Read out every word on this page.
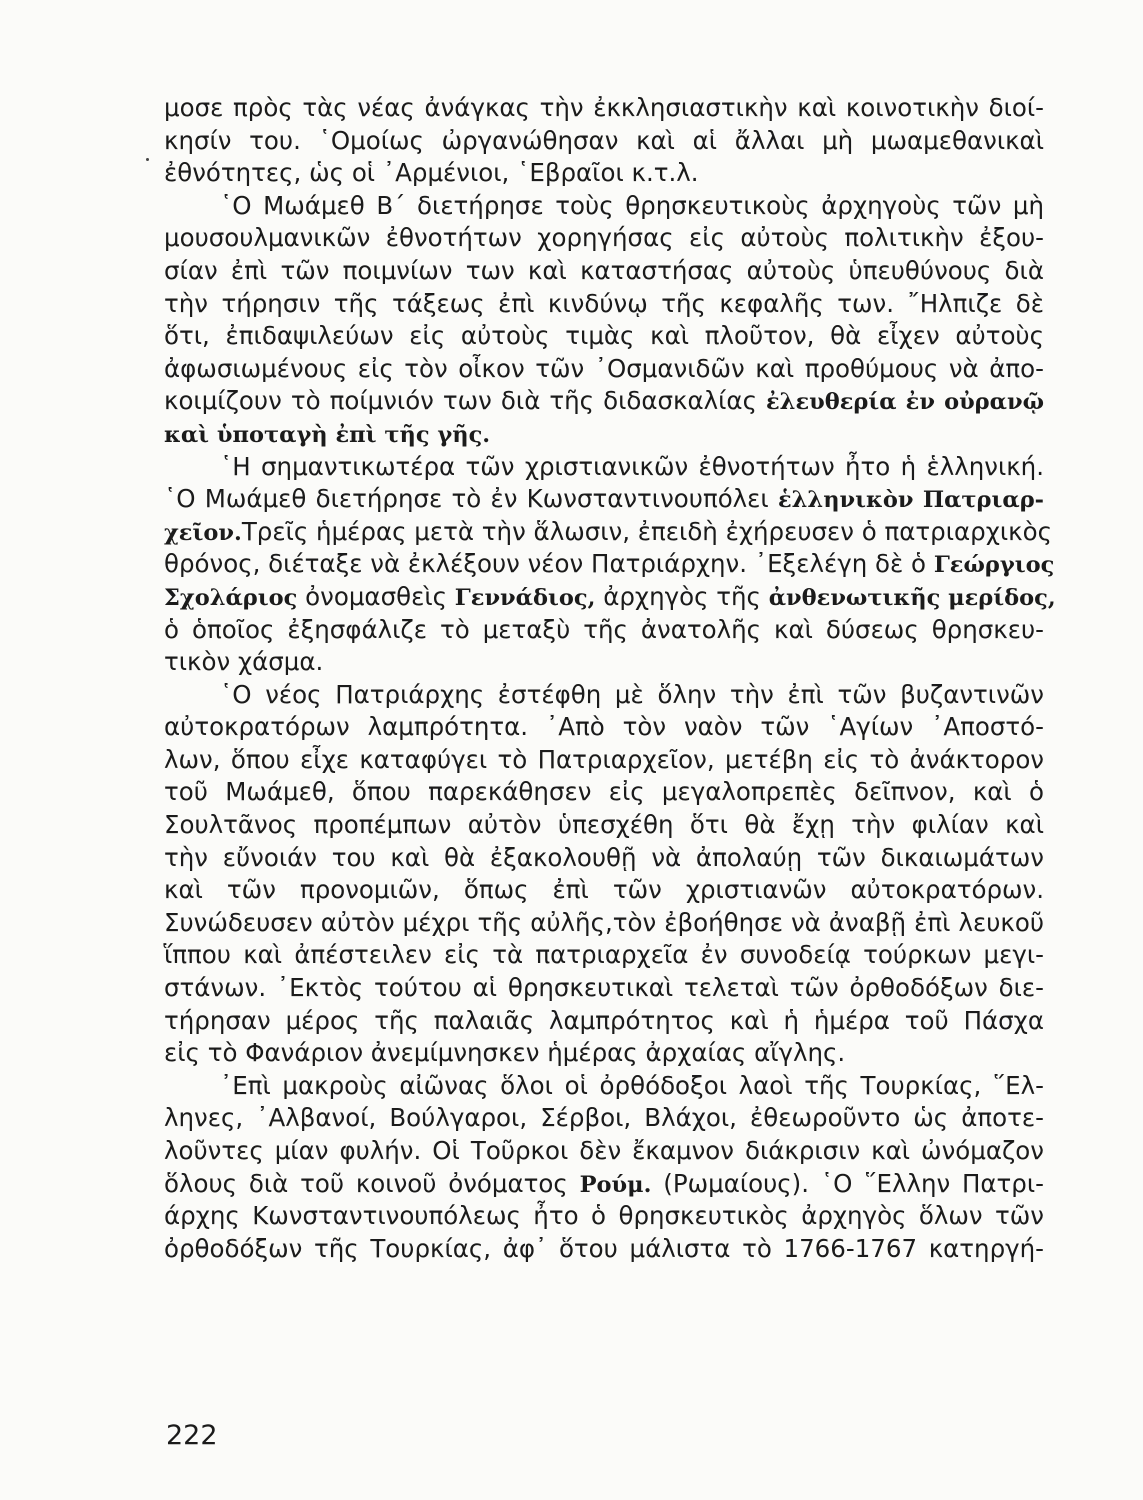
μοσε πρὸς τὰς νέας ἀνάγκας τὴν ἐκκλησιαστικὴν καὶ κοινοτικὴν διοί-
κησίν του. ῾Ομοίως ὠργανώθησαν καὶ αἱ ἄλλαι μὴ μωαμεθανικαὶ
ἐθνότητες, ὡς οἱ ᾽Αρμένιοι, ῾Εβραῖοι κ.τ.λ.
῾Ο Μωάμεθ Β΄ διετήρησε τοὺς θρησκευτικοὺς ἀρχηγοὺς τῶν μὴ
μουσουλμανικῶν ἐθνοτήτων χορηγήσας εἰς αὐτοὺς πολιτικὴν ἐξου-
σίαν ἐπὶ τῶν ποιμνίων των καὶ καταστήσας αὐτοὺς ὑπευθύνους διὰ
τὴν τήρησιν τῆς τάξεως ἐπὶ κινδύνῳ τῆς κεφαλῆς των. ῎Ηλπιζε δὲ
ὅτι, ἐπιδαψιλεύων εἰς αὐτοὺς τιμὰς καὶ πλοῦτον, θὰ εἶχεν αὐτοὺς
ἀφωσιωμένους εἰς τὸν οἶκον τῶν ᾽Οσμανιδῶν καὶ προθύμους νὰ ἀπο-
κοιμίζουν τὸ ποίμνιόν των διὰ τῆς διδασκαλίας ἐλευθερία ἐν οὐρανῷ
καὶ ὑποταγὴ ἐπὶ τῆς γῆς.
῾Η σημαντικωτέρα τῶν χριστιανικῶν ἐθνοτήτων ἦτο ἡ ἑλληνική.
῾Ο Μωάμεθ διετήρησε τὸ ἐν Κωνσταντινουπόλει ἑλληνικὸν Πατριαρ-
χεῖον.Τρεῖς ἡμέρας μετὰ τὴν ἅλωσιν, ἐπειδὴ ἐχήρευσεν ὁ πατριαρχικὸς
θρόνος, διέταξε νὰ ἐκλέξουν νέον Πατριάρχην. ᾽Εξελέγη δὲ ὁ Γεώργιος
Σχολάριος ὀνομασθεὶς Γεννάδιος, ἀρχηγὸς τῆς ἀνθενωτικῆς μερίδος,
ὁ ὁποῖος ἐξησφάλιζε τὸ μεταξὺ τῆς ἀνατολῆς καὶ δύσεως θρησκευ-
τικὸν χάσμα.
῾Ο νέος Πατριάρχης ἐστέφθη μὲ ὅλην τὴν ἐπὶ τῶν βυζαντινῶν
αὐτοκρατόρων λαμπρότητα. ᾽Απὸ τὸν ναὸν τῶν ῾Αγίων ᾽Αποστό-
λων, ὅπου εἶχε καταφύγει τὸ Πατριαρχεῖον, μετέβη εἰς τὸ ἀνάκτορον
τοῦ Μωάμεθ, ὅπου παρεκάθησεν εἰς μεγαλοπρεπὲς δεῖπνον, καὶ ὁ
Σουλτᾶνος προπέμπων αὐτὸν ὑπεσχέθη ὅτι θὰ ἔχῃ τὴν φιλίαν καὶ
τὴν εὔνοιάν του καὶ θὰ ἐξακολουθῇ νὰ ἀπολαύῃ τῶν δικαιωμάτων
καὶ τῶν προνομιῶν, ὅπως ἐπὶ τῶν χριστιανῶν αὐτοκρατόρων.
Συνώδευσεν αὐτὸν μέχρι τῆς αὐλῆς,τὸν ἐβοήθησε νὰ ἀναβῇ ἐπὶ λευκοῦ
ἵππου καὶ ἀπέστειλεν εἰς τὰ πατριαρχεῖα ἐν συνοδείᾳ τούρκων μεγι-
στάνων. ᾽Εκτὸς τούτου αἱ θρησκευτικαὶ τελεταὶ τῶν ὀρθοδόξων διε-
τήρησαν μέρος τῆς παλαιᾶς λαμπρότητος καὶ ἡ ἡμέρα τοῦ Πάσχα
εἰς τὸ Φανάριον ἀνεμίμνησκεν ἡμέρας ἀρχαίας αἴγλης.
᾽Επὶ μακροὺς αἰῶνας ὅλοι οἱ ὀρθόδοξοι λαοὶ τῆς Τουρκίας, ῞Ελ-
ληνες, ᾽Αλβανοί, Βούλγαροι, Σέρβοι, Βλάχοι, ἐθεωροῦντο ὡς ἀποτε-
λοῦντες μίαν φυλήν. Οἱ Τοῦρκοι δὲν ἔκαμνον διάκρισιν καὶ ὠνόμαζον
ὅλους διὰ τοῦ κοινοῦ ὀνόματος Ρούμ. (Ρωμαίους). ῾Ο ῞Ελλην Πατρι-
άρχης Κωνσταντινουπόλεως ἦτο ὁ θρησκευτικὸς ἀρχηγὸς ὅλων τῶν
ὀρθοδόξων τῆς Τουρκίας, ἀφ᾽ ὅτου μάλιστα τὸ 1766-1767 κατηργή-
222
